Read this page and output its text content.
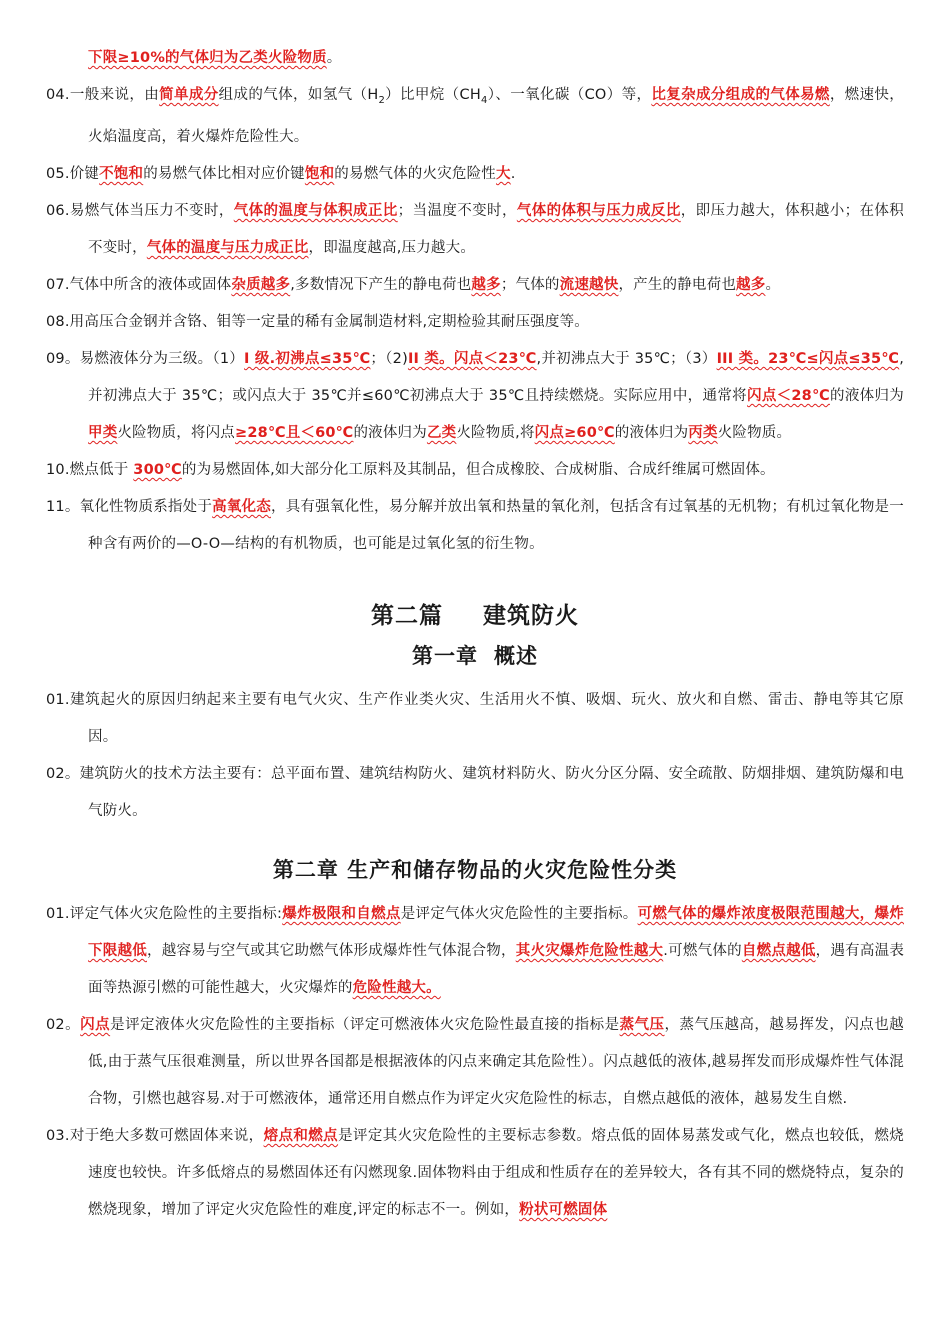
下限≥10%的气体归为乙类火险物质。
04.一般来说，由简单成分组成的气体，如氢气$(H_2)$比甲烷$(CH_4)$、一氧化碳（CO）等，比复杂成分组成的气体易燃，燃速快，火焰温度高，着火爆炸危险性大。
05.价键不饱和的易燃气体比相对应价键饱和的易燃气体的火灾危险性大.
06.易燃气体当压力不变时，气体的温度与体积成正比；当温度不变时，气体的体积与压力成反比，即压力越大，体积越小；在体积不变时，气体的温度与压力成正比，即温度越高,压力越大。
07.气体中所含的液体或固体杂质越多,多数情况下产生的静电荷也越多；气体的流速越快，产生的静电荷也越多。
08.用高压合金钢并含铬、钼等一定量的稀有金属制造材料,定期检验其耐压强度等。
09。易燃液体分为三级。（1）I 级.初沸点≤35℃；（2)II 类。闪点＜23℃,并初沸点大于 35℃；（3）III 类。23℃≤闪点≤35℃,并初沸点大于 35℃；或闪点大于 35℃并≤60℃初沸点大于 35℃且持续燃烧。实际应用中，通常将闪点＜28℃的液体归为甲类火险物质，将闪点≥28℃且＜60℃的液体归为乙类火险物质,将闪点≥60℃的液体归为丙类火险物质。
10.燃点低于 300℃的为易燃固体,如大部分化工原料及其制品，但合成橡胶、合成树脂、合成纤维属可燃固体。
11。氧化性物质系指处于高氧化态，具有强氧化性，易分解并放出氧和热量的氧化剂，包括含有过氧基的无机物；有机过氧化物是一种含有两价的—O-O—结构的有机物质，也可能是过氧化氢的衍生物。
第二篇 建筑防火
第一章 概述
01.建筑起火的原因归纳起来主要有电气火灾、生产作业类火灾、生活用火不慎、吸烟、玩火、放火和自燃、雷击、静电等其它原因。
02。建筑防火的技术方法主要有：总平面布置、建筑结构防火、建筑材料防火、防火分区分隔、安全疏散、防烟排烟、建筑防爆和电气防火。
第二章 生产和储存物品的火灾危险性分类
01.评定气体火灾危险性的主要指标:爆炸极限和自燃点是评定气体火灾危险性的主要指标。可燃气体的爆炸浓度极限范围越大，爆炸下限越低，越容易与空气或其它助燃气体形成爆炸性气体混合物，其火灾爆炸危险性越大.可燃气体的自燃点越低，遇有高温表面等热源引燃的可能性越大，火灾爆炸的危险性越大。
02。闪点是评定液体火灾危险性的主要指标（评定可燃液体火灾危险性最直接的指标是蒸气压，蒸气压越高，越易挥发，闪点也越低,由于蒸气压很难测量，所以世界各国都是根据液体的闪点来确定其危险性）。闪点越低的液体,越易挥发而形成爆炸性气体混合物，引燃也越容易.对于可燃液体，通常还用自燃点作为评定火灾危险性的标志，自燃点越低的液体，越易发生自燃.
03.对于绝大多数可燃固体来说，熔点和燃点是评定其火灾危险性的主要标志参数。熔点低的固体易蒸发或气化，燃点也较低，燃烧速度也较快。许多低熔点的易燃固体还有闪燃现象.固体物料由于组成和性质存在的差异较大，各有其不同的燃烧特点，复杂的燃烧现象，增加了评定火灾危险性的难度,评定的标志不一。例如，粉状可燃固体
